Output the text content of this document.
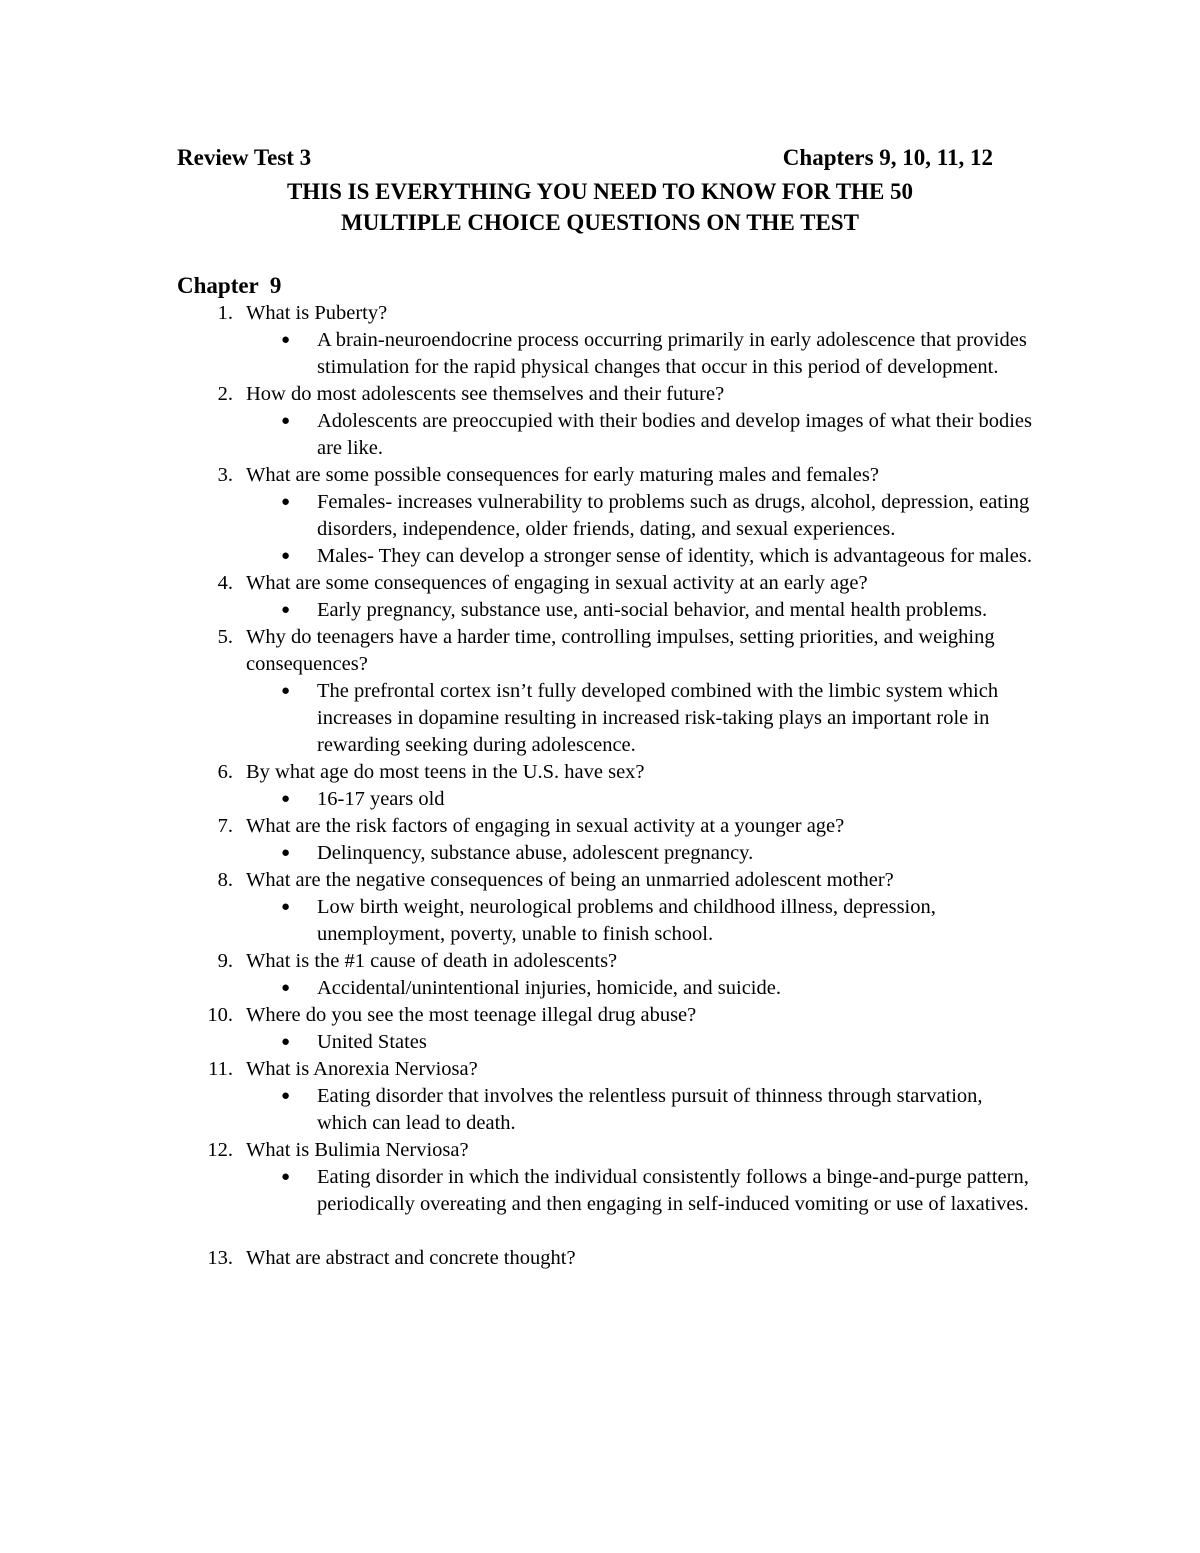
Review Test 3	Chapters 9, 10, 11, 12
THIS IS EVERYTHING YOU NEED TO KNOW FOR THE 50
MULTIPLE CHOICE QUESTIONS ON THE TEST
Chapter  9
1. What is Puberty?
● A brain-neuroendocrine process occurring primarily in early adolescence that provides stimulation for the rapid physical changes that occur in this period of development.
2. How do most adolescents see themselves and their future?
● Adolescents are preoccupied with their bodies and develop images of what their bodies are like.
3. What are some possible consequences for early maturing males and females?
● Females- increases vulnerability to problems such as drugs, alcohol, depression, eating disorders, independence, older friends, dating, and sexual experiences.
● Males- They can develop a stronger sense of identity, which is advantageous for males.
4. What are some consequences of engaging in sexual activity at an early age?
● Early pregnancy, substance use, anti-social behavior, and mental health problems.
5. Why do teenagers have a harder time, controlling impulses, setting priorities, and weighing consequences?
● The prefrontal cortex isn’t fully developed combined with the limbic system which increases in dopamine resulting in increased risk-taking plays an important role in rewarding seeking during adolescence.
6. By what age do most teens in the U.S. have sex?
● 16-17 years old
7. What are the risk factors of engaging in sexual activity at a younger age?
● Delinquency, substance abuse, adolescent pregnancy.
8. What are the negative consequences of being an unmarried adolescent mother?
● Low birth weight, neurological problems and childhood illness, depression, unemployment, poverty, unable to finish school.
9. What is the #1 cause of death in adolescents?
● Accidental/unintentional injuries, homicide, and suicide.
10. Where do you see the most teenage illegal drug abuse?
● United States
11. What is Anorexia Nerviosa?
● Eating disorder that involves the relentless pursuit of thinness through starvation, which can lead to death.
12. What is Bulimia Nerviosa?
● Eating disorder in which the individual consistently follows a binge-and-purge pattern, periodically overeating and then engaging in self-induced vomiting or use of laxatives.
13. What are abstract and concrete thought?
